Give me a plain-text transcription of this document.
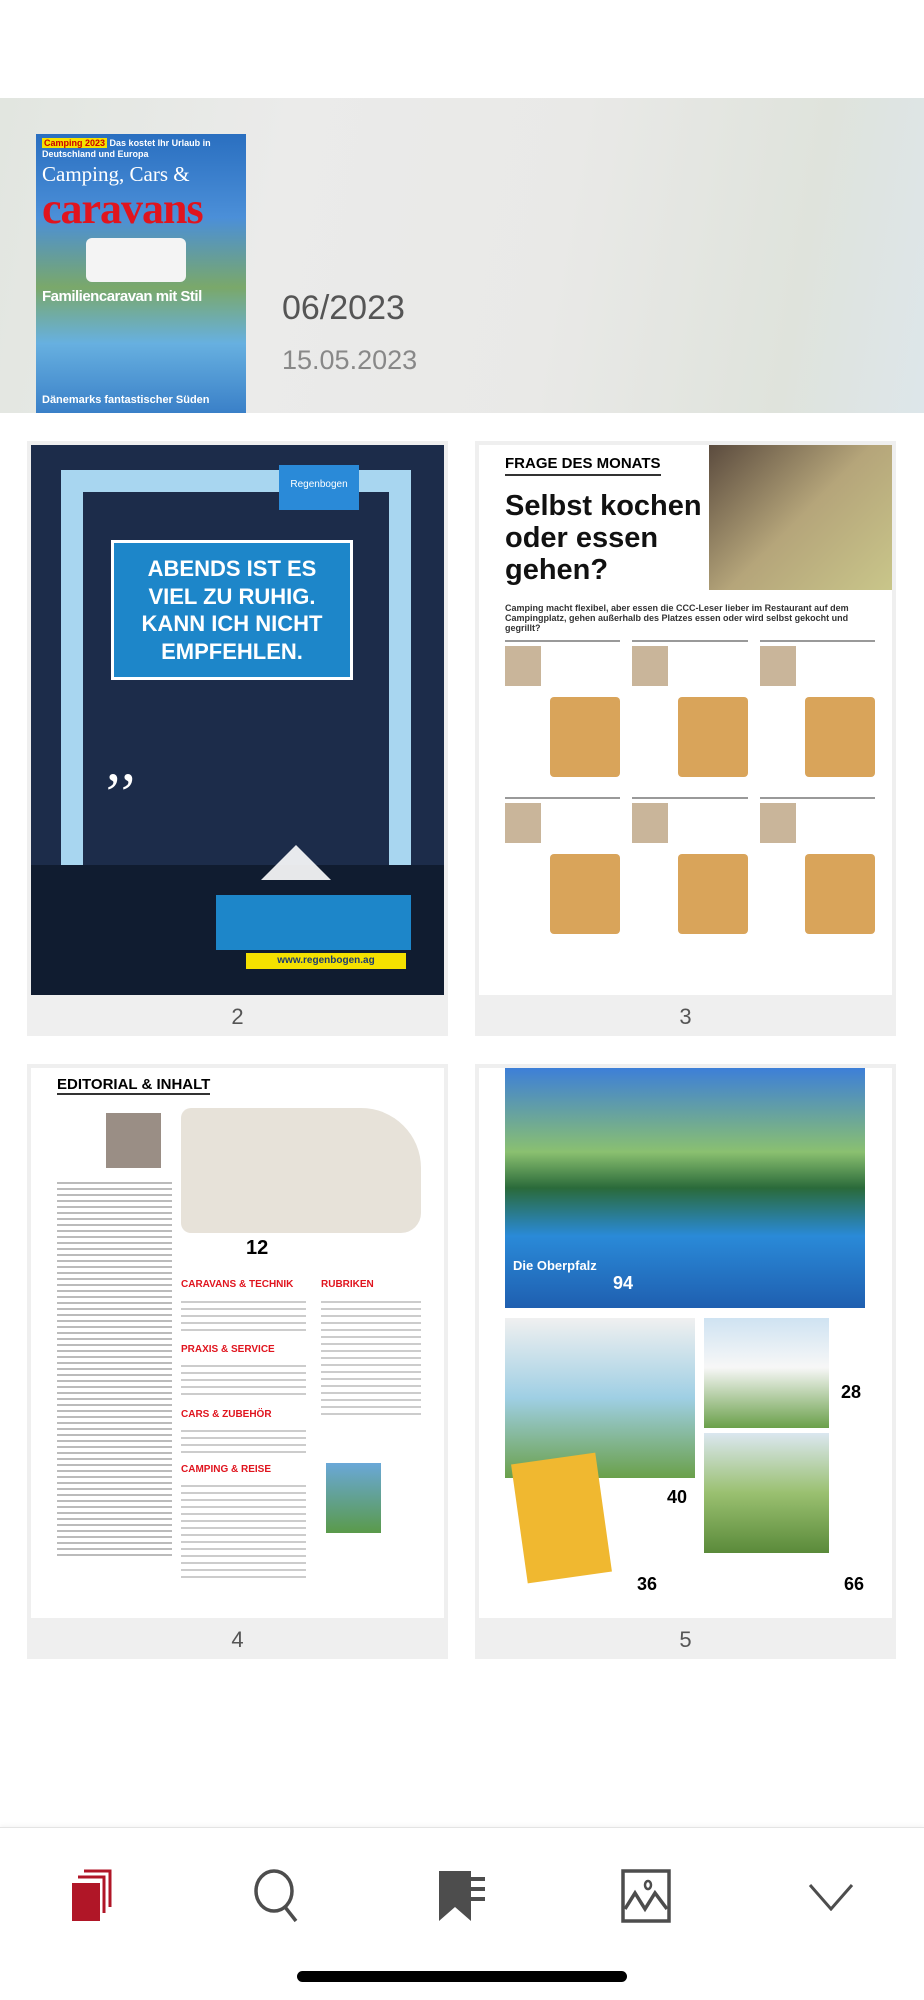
Camping 2023 Das kostet Ihr Urlaub in Deutschland und Europa
Camping, Cars &
caravans
Familiencaravan mit Stil
Dänemarks fantastischer Süden
06/2023
15.05.2023
Regenbogen
ABENDS IST ES VIEL ZU RUHIG. KANN ICH NICHT EMPFEHLEN.
,,
www.regenbogen.ag
2
FRAGE DES MONATS
Selbst kochen oder essen gehen?
Camping macht flexibel, aber essen die CCC-Leser lieber im Restaurant auf dem Campingplatz, gehen außerhalb des Platzes essen oder wird selbst gekocht und gegrillt?
3
EDITORIAL & INHALT
12
CARAVANS & TECHNIK	RUBRIKEN
PRAXIS & SERVICE
CARS & ZUBEHÖR
CAMPING & REISE
4
Die Oberpfalz
94
28
40
36	66
5
